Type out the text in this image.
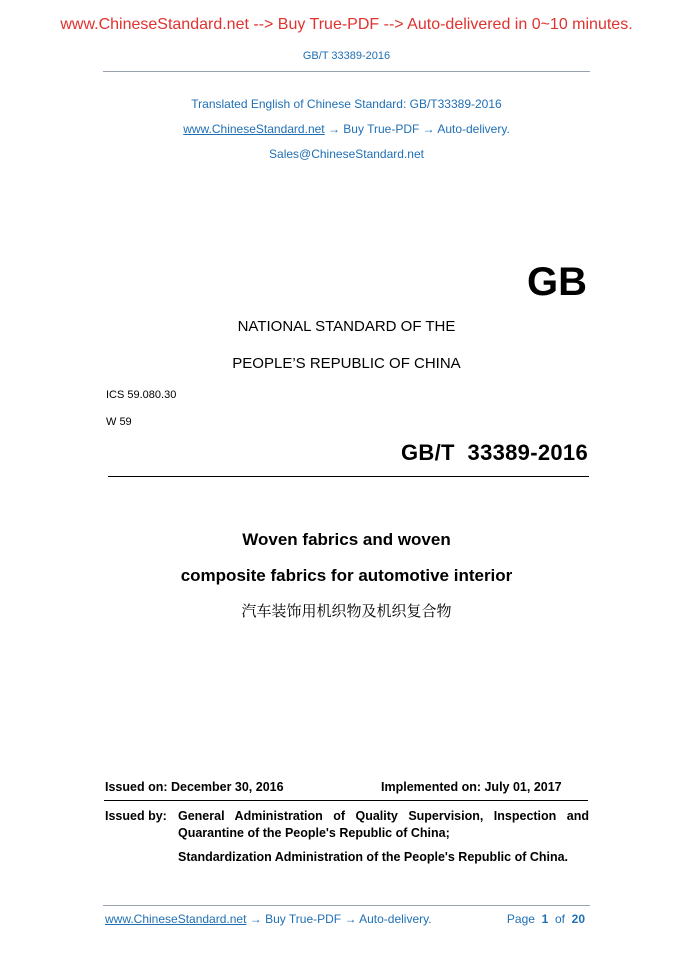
www.ChineseStandard.net --> Buy True-PDF --> Auto-delivered in 0~10 minutes.
GB/T 33389-2016
Translated English of Chinese Standard: GB/T33389-2016
www.ChineseStandard.net → Buy True-PDF → Auto-delivery.
Sales@ChineseStandard.net
GB
NATIONAL STANDARD OF THE
PEOPLE’S REPUBLIC OF CHINA
ICS 59.080.30
W 59
GB/T  33389-2016
Woven fabrics and woven
composite fabrics for automotive interior
汽车装饰用机织物及机织复合物
Issued on: December 30, 2016	Implemented on: July 01, 2017
Issued by: General Administration of Quality Supervision, Inspection and Quarantine of the People's Republic of China;
Standardization Administration of the People's Republic of China.
www.ChineseStandard.net → Buy True-PDF → Auto-delivery.	Page 1 of 20
